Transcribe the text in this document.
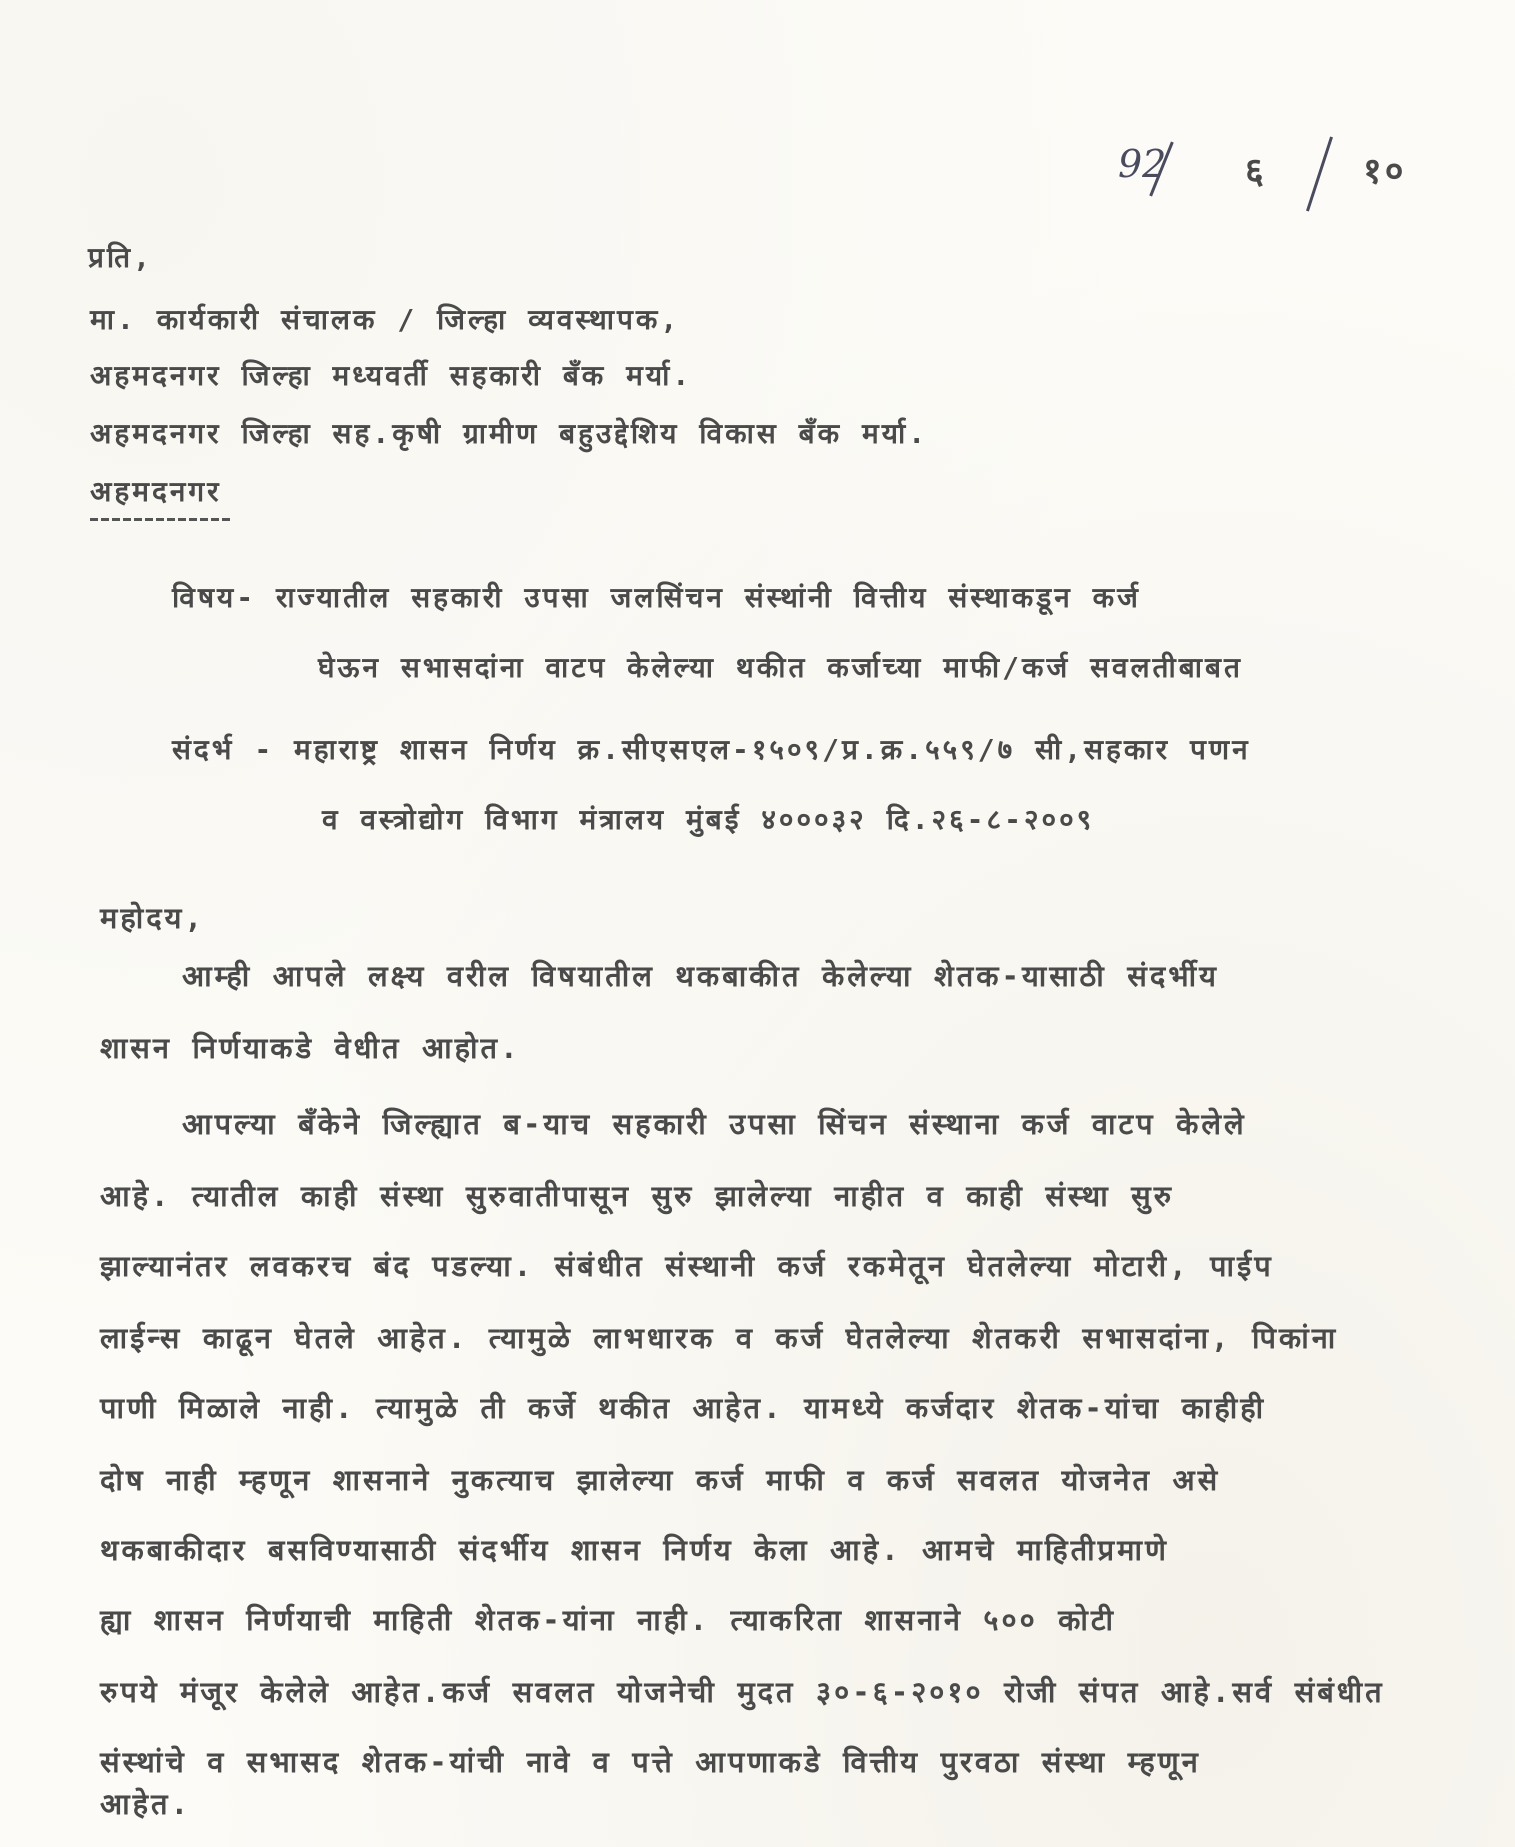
92 ६	१०
प्रति,
मा. कार्यकारी संचालक / जिल्हा व्यवस्थापक,
अहमदनगर जिल्हा मध्यवर्ती सहकारी बँक मर्या.
अहमदनगर जिल्हा सह.कृषी ग्रामीण बहुउद्देशिय विकास बँक मर्या.
अहमदनगर
विषय- राज्यातील सहकारी उपसा जलसिंचन संस्थांनी वित्तीय संस्थाकडून कर्ज
घेऊन सभासदांना वाटप केलेल्या थकीत कर्जाच्या माफी/कर्ज सवलतीबाबत
संदर्भ - महाराष्ट्र शासन निर्णय क्र.सीएसएल-१५०९/प्र.क्र.५५९/७ सी,सहकार पणन
व वस्त्रोद्योग विभाग मंत्रालय मुंबई ४०००३२ दि.२६-८-२००९
महोदय,
आम्ही आपले लक्ष्य वरील विषयातील थकबाकीत केलेल्या शेतक-यासाठी संदर्भीय
शासन निर्णयाकडे वेधीत आहोत.
आपल्या बँकेने जिल्ह्यात ब-याच सहकारी उपसा सिंचन संस्थाना कर्ज वाटप केलेले
आहे. त्यातील काही संस्था सुरुवातीपासून सुरु झालेल्या नाहीत व काही संस्था सुरु
झाल्यानंतर लवकरच बंद पडल्या. संबंधीत संस्थानी कर्ज रकमेतून घेतलेल्या मोटारी, पाईप
लाईन्स काढून घेतले आहेत. त्यामुळे लाभधारक व कर्ज घेतलेल्या शेतकरी सभासदांना, पिकांना
पाणी मिळाले नाही. त्यामुळे ती कर्जे थकीत आहेत. यामध्ये कर्जदार शेतक-यांचा काहीही
दोष नाही म्हणून शासनाने नुकत्याच झालेल्या कर्ज माफी व कर्ज सवलत योजनेत असे
थकबाकीदार बसविण्यासाठी संदर्भीय शासन निर्णय केला आहे. आमचे माहितीप्रमाणे
ह्या शासन निर्णयाची माहिती शेतक-यांना नाही. त्याकरिता शासनाने ५०० कोटी
रुपये मंजूर केलेले आहेत.कर्ज सवलत योजनेची मुदत ३०-६-२०१० रोजी संपत आहे.सर्व संबंधीत
संस्थांचे व सभासद शेतक-यांची नावे व पत्ते आपणाकडे वित्तीय पुरवठा संस्था म्हणून
आहेत.
